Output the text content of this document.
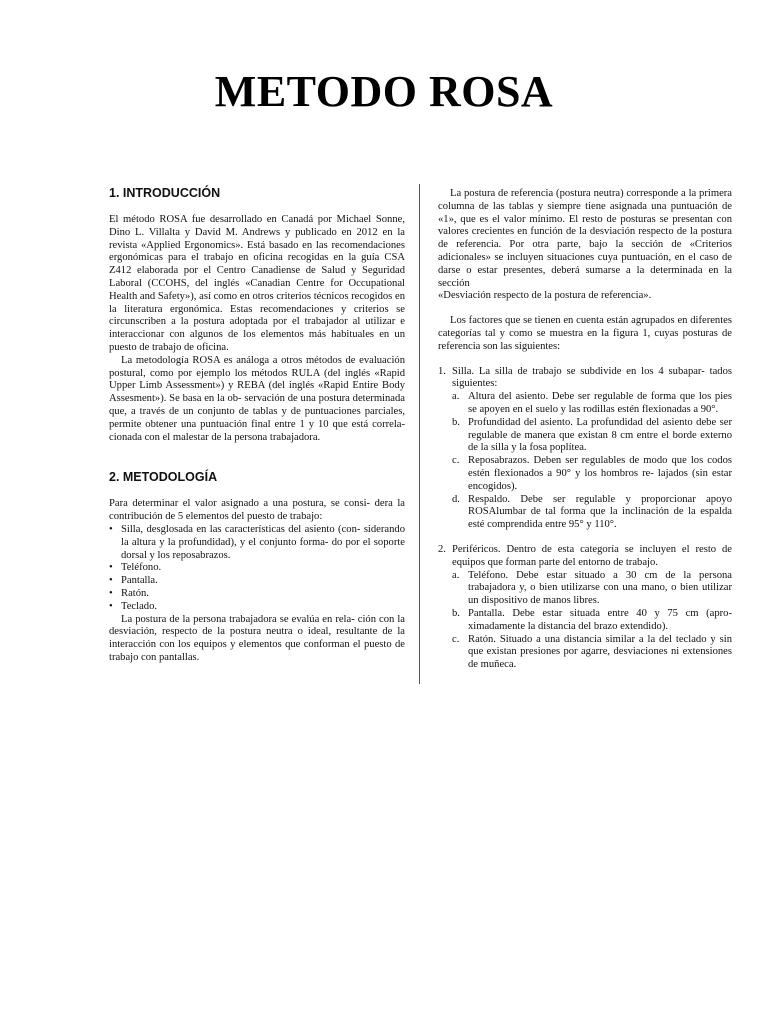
METODO ROSA
1. INTRODUCCIÓN

El método ROSA fue desarrollado en Canadá por Michael Sonne, Dino L. Villalta y David M. Andrews y publicado en 2012 en la revista «Applied Ergonomics». Está basado en las recomendaciones ergonómicas para el trabajo en oficina recogidas en la guía CSA Z412 elaborada por el Centro Canadiense de Salud y Seguridad Laboral (CCOHS, del inglés «Canadian Centre for Occupational Health and Safety»), así como en otros criterios técnicos recogidos en la literatura ergonómica. Estas recomendaciones y criterios se circunscriben a la postura adoptada por el trabajador al utilizar e interaccionar con algunos de los elementos más habituales en un puesto de trabajo de oficina.

La metodología ROSA es análoga a otros métodos de evaluación postural, como por ejemplo los métodos RULA (del inglés «Rapid Upper Limb Assessment») y REBA (del inglés «Rapid Entire Body Assesment»). Se basa en la ob- servación de una postura determinada que, a través de un conjunto de tablas y de puntuaciones parciales, permite obtener una puntuación final entre 1 y 10 que está correla- cionada con el malestar de la persona trabajadora.

2. METODOLOGÍA

Para determinar el valor asignado a una postura, se consi- dera la contribución de 5 elementos del puesto de trabajo:

• Silla, desglosada en las características del asiento (con- siderando la altura y la profundidad), y el conjunto forma- do por el soporte dorsal y los reposabrazos.
• Teléfono.
• Pantalla.
• Ratón.
• Teclado.

La postura de la persona trabajadora se evalúa en rela- ción con la desviación, respecto de la postura neutra o ideal, resultante de la interacción con los equipos y elementos que conforman el puesto de trabajo con pantallas.

La postura de referencia (postura neutra) corresponde a la primera columna de las tablas y siempre tiene asignada una puntuación de «1», que es el valor mínimo. El resto de posturas se presentan con valores crecientes en función de la desviación respecto de la postura de referencia. Por otra parte, bajo la sección de «Criterios adicionales» se incluyen situaciones cuya puntuación, en el caso de darse o estar presentes, deberá sumarse a la determinada en la sección

«Desviación respecto de la postura de referencia».

Los factores que se tienen en cuenta están agrupados en diferentes categorías tal y como se muestra en la figura 1, cuyas posturas de referencia son las siguientes:

1. Silla. La silla de trabajo se subdivide en los 4 subapar- tados siguientes:
a. Altura del asiento. Debe ser regulable de forma que los pies se apoyen en el suelo y las rodillas estén flexionadas a 90°.
b. Profundidad del asiento. La profundidad del asiento debe ser regulable de manera que existan 8 cm entre el borde externo de la silla y la fosa poplítea.
c. Reposabrazos. Deben ser regulables de modo que los codos estén flexionados a 90° y los hombros re- lajados (sin estar encogidos).
d. Respaldo. Debe ser regulable y proporcionar apoyo ROSAlumbar de tal forma que la inclinación de la espalda esté comprendida entre 95° y 110°.
2. Periféricos. Dentro de esta categoría se incluyen el resto de equipos que forman parte del entorno de trabajo.
a. Teléfono. Debe estar situado a 30 cm de la persona trabajadora y, o bien utilizarse con una mano, o bien utilizar un dispositivo de manos libres.
b. Pantalla. Debe estar situada entre 40 y 75 cm (apro- ximadamente la distancia del brazo extendido).
c. Ratón. Situado a una distancia similar a la del teclado y sin que existan presiones por agarre, desviaciones ni extensiones de muñeca.
